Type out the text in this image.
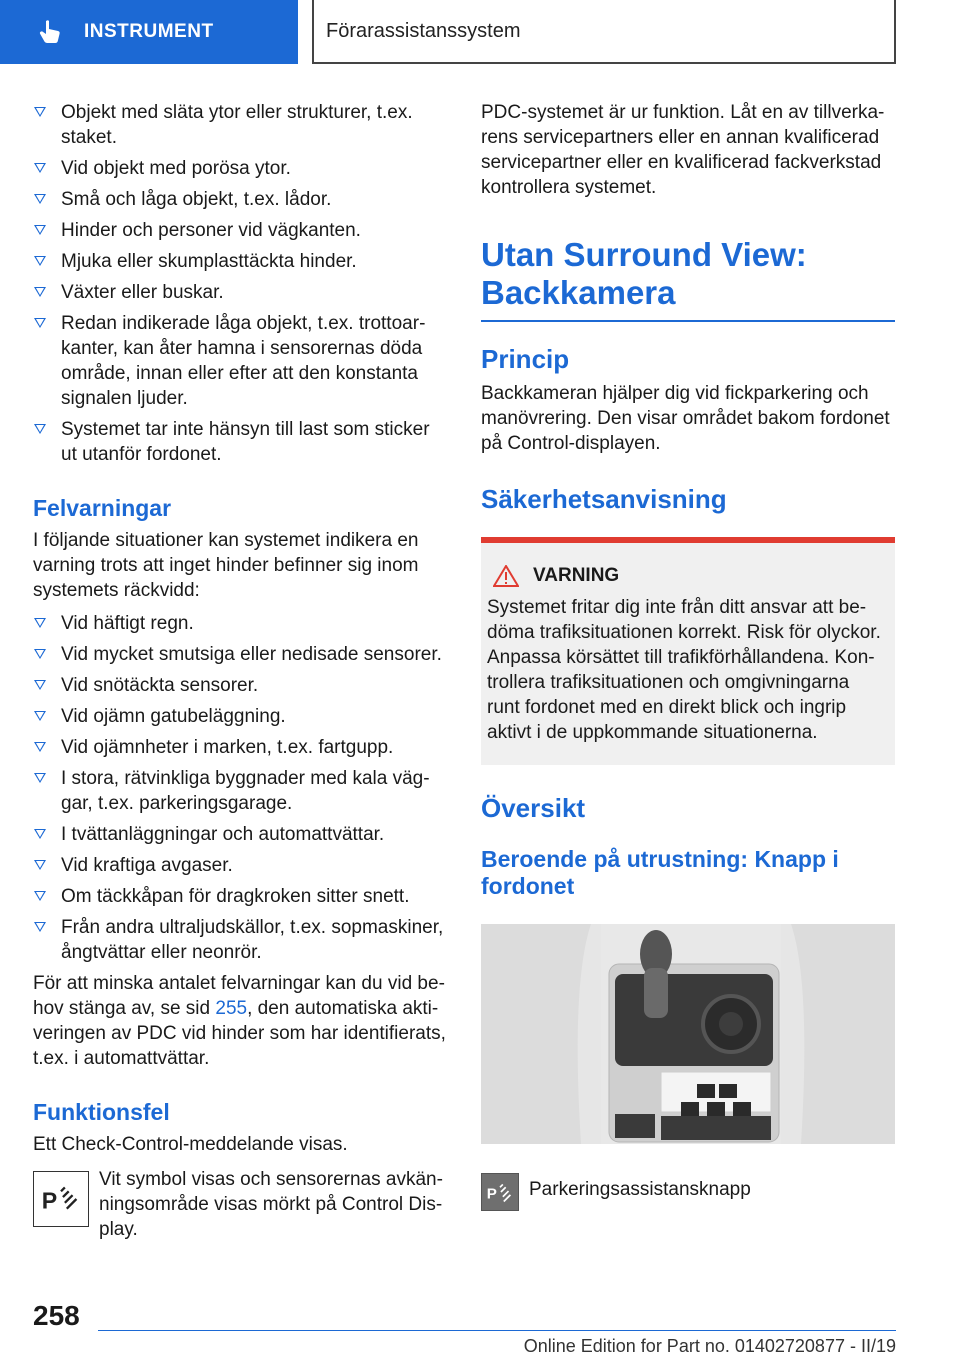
INSTRUMENT	Förarassistanssystem
Objekt med släta ytor eller strukturer, t.ex. staket.
Vid objekt med porösa ytor.
Små och låga objekt, t.ex. lådor.
Hinder och personer vid vägkanten.
Mjuka eller skumplasttäckta hinder.
Växter eller buskar.
Redan indikerade låga objekt, t.ex. trottoarkanter, kan åter hamna i sensorernas döda område, innan eller efter att den konstanta signalen ljuder.
Systemet tar inte hänsyn till last som sticker ut utanför fordonet.
Felvarningar

I följande situationer kan systemet indikera en varning trots att inget hinder befinner sig inom systemets räckvidd:

Vid häftigt regn.
Vid mycket smutsiga eller nedisade sensorer.
Vid snötäckta sensorer.
Vid ojämn gatubeläggning.
Vid ojämnheter i marken, t.ex. fartgupp.
I stora, rätvinkliga byggnader med kala väggar, t.ex. parkeringsgarage.
I tvättanläggningar och automattvättar.
Vid kraftiga avgaser.
Om täckkåpan för dragkroken sitter snett.
Från andra ultraljudskällor, t.ex. sopmaskiner, ångtvättar eller neonrör.

För att minska antalet felvarningar kan du vid behov stänga av, se sid 255, den automatiska aktiveringen av PDC vid hinder som har identifierats, t.ex. i automattvättar.

Funktionsfel

Ett Check-Control-meddelande visas.

P

Vit symbol visas och sensorernas avkänningsområde visas mörkt på Control Display.

PDC-systemet är ur funktion. Låt en av tillverkarens servicepartners eller en annan kvalificerad servicepartner eller en kvalificerad fackverkstad kontrollera systemet.

Utan Surround View: Backkamera
Princip

Backkameran hjälper dig vid fickparkering och manövrering. Den visar området bakom fordonet på Control-displayen.

Säkerhetsanvisning
VARNING

Systemet fritar dig inte från ditt ansvar att bedöma trafiksituationen korrekt. Risk för olyckor. Anpassa körsättet till trafikförhållandena. Kontrollera trafiksituationen och omgivningarna runt fordonet med en direkt blick och ingrip aktivt i de uppkommande situationerna.

Översikt
Beroende på utrustning: Knapp i fordonet
P Parkeringsassistansknapp

258
Online Edition for Part no. 01402720877 - II/19
